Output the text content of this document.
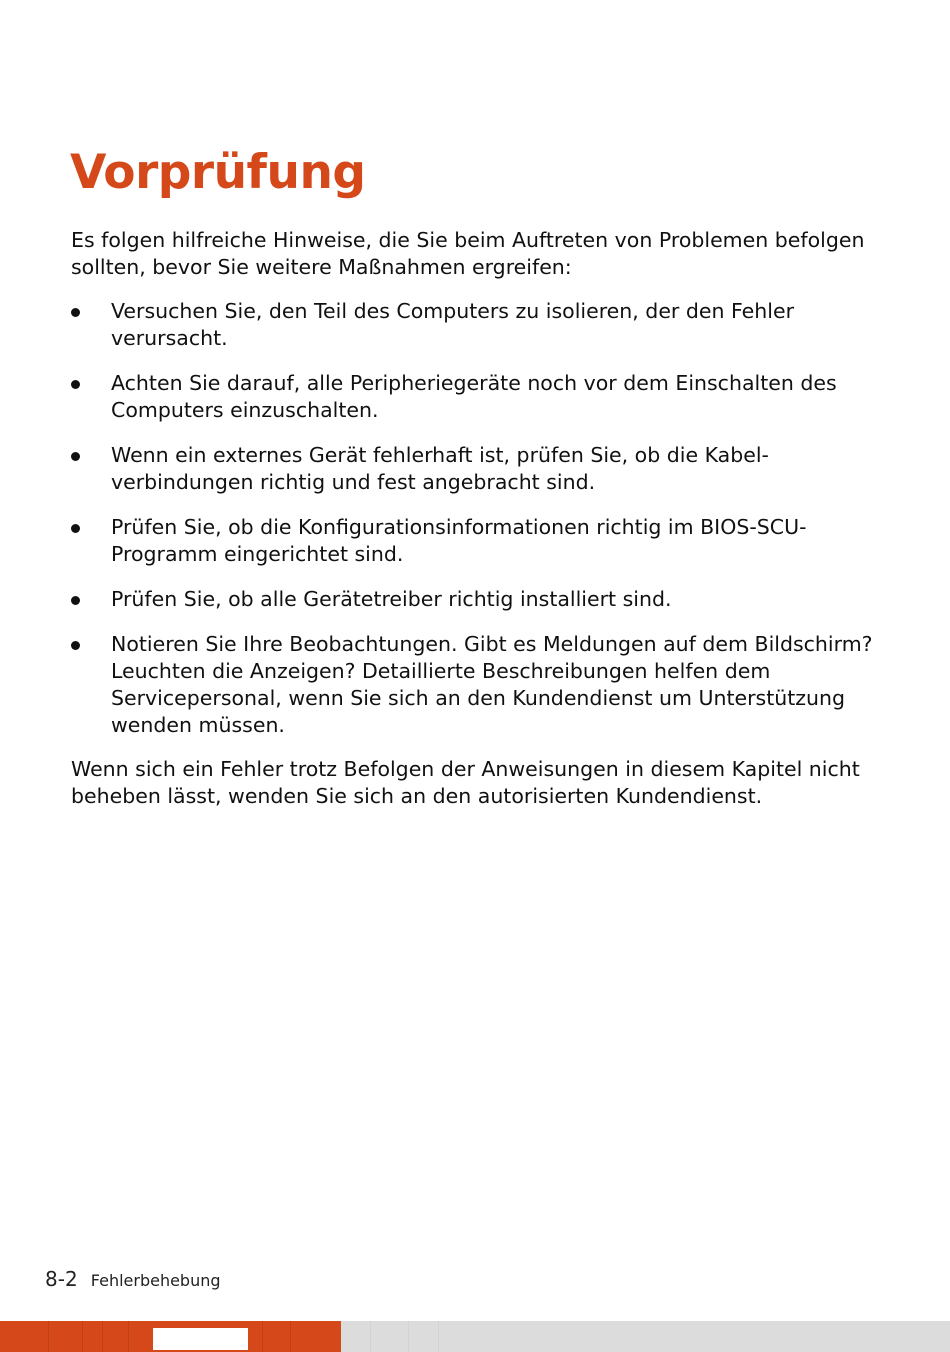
Vorprüfung

Es folgen hilfreiche Hinweise, die Sie beim Auftreten von Problemen befolgen sollten, bevor Sie weitere Maßnahmen ergreifen:

Versuchen Sie, den Teil des Computers zu isolieren, der den Fehler verursacht.
Achten Sie darauf, alle Peripheriegeräte noch vor dem Einschalten des Computers einzuschalten.
Wenn ein externes Gerät fehlerhaft ist, prüfen Sie, ob die Kabel-verbindungen richtig und fest angebracht sind.
Prüfen Sie, ob die Konfigurationsinformationen richtig im BIOS-SCU-Programm eingerichtet sind.
Prüfen Sie, ob alle Gerätetreiber richtig installiert sind.
Notieren Sie Ihre Beobachtungen. Gibt es Meldungen auf dem Bildschirm? Leuchten die Anzeigen? Detaillierte Beschreibungen helfen dem Servicepersonal, wenn Sie sich an den Kundendienst um Unterstützung wenden müssen.

Wenn sich ein Fehler trotz Befolgen der Anweisungen in diesem Kapitel nicht beheben lässt, wenden Sie sich an den autorisierten Kundendienst.

8-2 Fehlerbehebung
